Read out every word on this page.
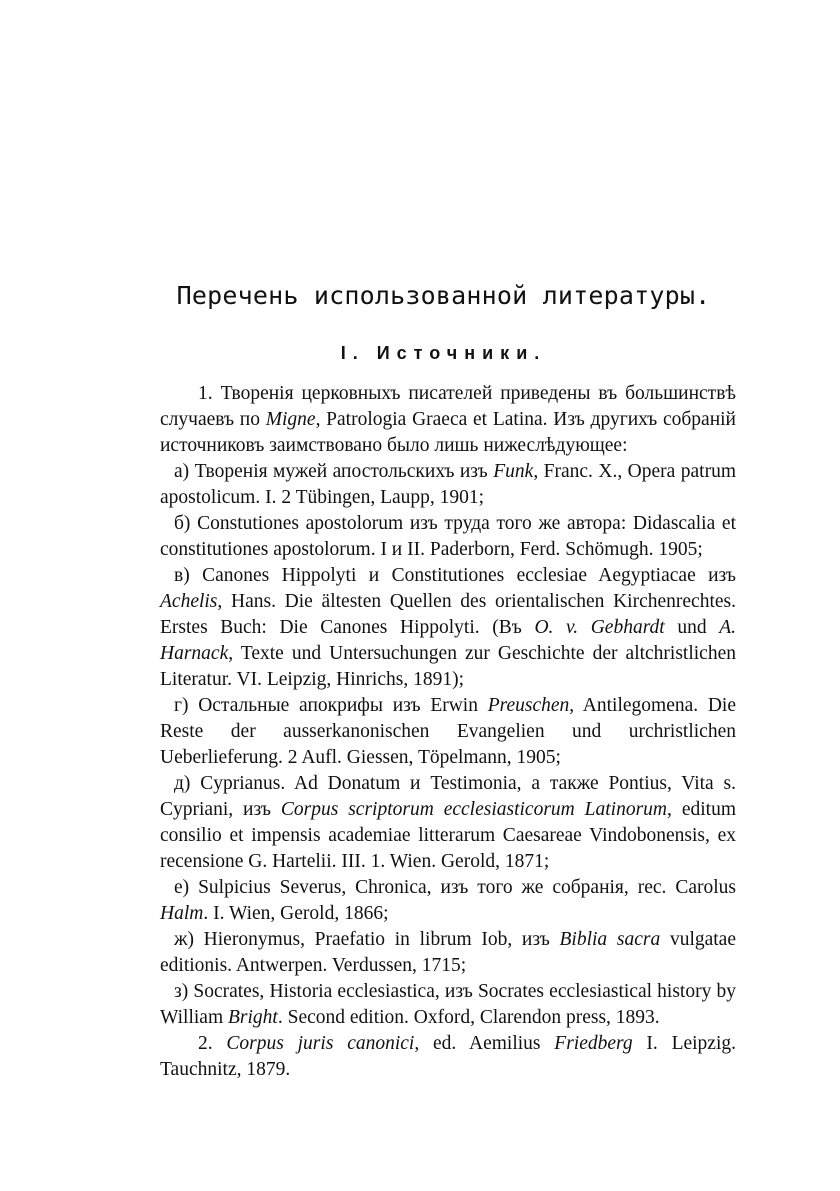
Перечень использованной литературы.
I. Источники.

1. Творенія церковныхъ писателей приведены въ большинствѣ случаевъ по Migne, Patrologia Graeca et Latina. Изъ другихъ собраній источниковъ заимствовано было лишь нижеслѣдующее:

а) Творенія мужей апостольскихъ изъ Funk, Franc. X., Opera patrum apostolicum. I. 2 Tübingen, Laupp, 1901;

б) Constutiones apostolorum изъ труда того же автора: Didascalia et constitutiones apostolorum. I и II. Paderborn, Ferd. Schömugh. 1905;

в) Canones Hippolyti и Constitutiones ecclesiae Aegyptiacae изъ Achelis, Hans. Die ältesten Quellen des orientalischen Kirchenrechtes. Erstes Buch: Die Canones Hippolyti. (Въ O. v. Gebhardt und A. Harnack, Texte und Untersuchungen zur Geschichte der altchristlichen Literatur. VI. Leipzig, Hinrichs, 1891);

г) Остальные апокрифы изъ Erwin Preuschen, Antilegomena. Die Reste der ausserkanonischen Evangelien und urchristlichen Ueberlieferung. 2 Aufl. Giessen, Töpelmann, 1905;

д) Cyprianus. Ad Donatum и Testimonia, а также Pontius, Vita s. Cypriani, изъ Corpus scriptorum ecclesiasticorum Latinorum, editum consilio et impensis academiae litterarum Caesareae Vindobonensis, ex recensione G. Hartelii. III. 1. Wien. Gerold, 1871;

е) Sulpicius Severus, Chronica, изъ того же собранія, rec. Carolus Halm. I. Wien, Gerold, 1866;

ж) Hieronymus, Praefatio in librum Iob, изъ Biblia sacra vulgatae editionis. Antwerpen. Verdussen, 1715;

з) Socrates, Historia ecclesiastica, изъ Socrates ecclesiastical history by William Bright. Second edition. Oxford, Clarendon press, 1893.

2. Corpus juris canonici, ed. Aemilius Friedberg I. Leipzig. Tauchnitz, 1879.
